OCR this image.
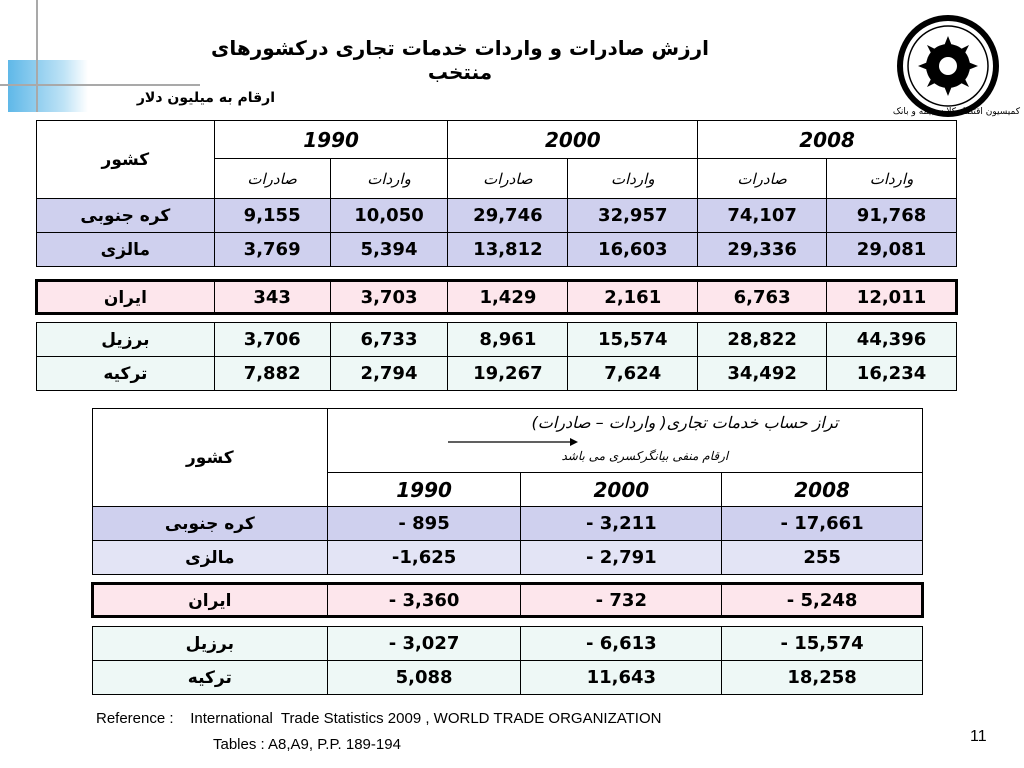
ارزش صادرات و واردات خدمات تجاری درکشورهای منتخب
ارقام به میلیون دلار
کمیسیون اقتصاد کلان، بیمه و بانک
کشور	1990		2000		2008	
	صادرات	واردات	صادرات	واردات	صادرات	واردات
کره جنوبی	9,155	10,050	29,746	32,957	74,107	91,768
مالزی	3,769	5,394	13,812	16,603	29,336	29,081
ایران	343	3,703	1,429	2,161	6,763	12,011
برزیل	3,706	6,733	8,961	15,574	28,822	44,396
ترکیه	7,882	2,794	19,267	7,624	34,492	16,234
کشور	تراز حساب خدمات تجاری( واردات – صادرات)
ارقام منفی بیانگرکسری می باشد		

	1990	2000	2008
کره جنوبی	- 895	- 3,211	- 17,661
مالزی	-1,625	- 2,791	255
ایران	- 3,360	- 732	- 5,248
برزیل	- 3,027	- 6,613	- 15,574
ترکیه	5,088	11,643	18,258
Reference :    International  Trade Statistics 2009 , WORLD TRADE ORGANIZATION
Tables : A8,A9, P.P. 189-194	11
